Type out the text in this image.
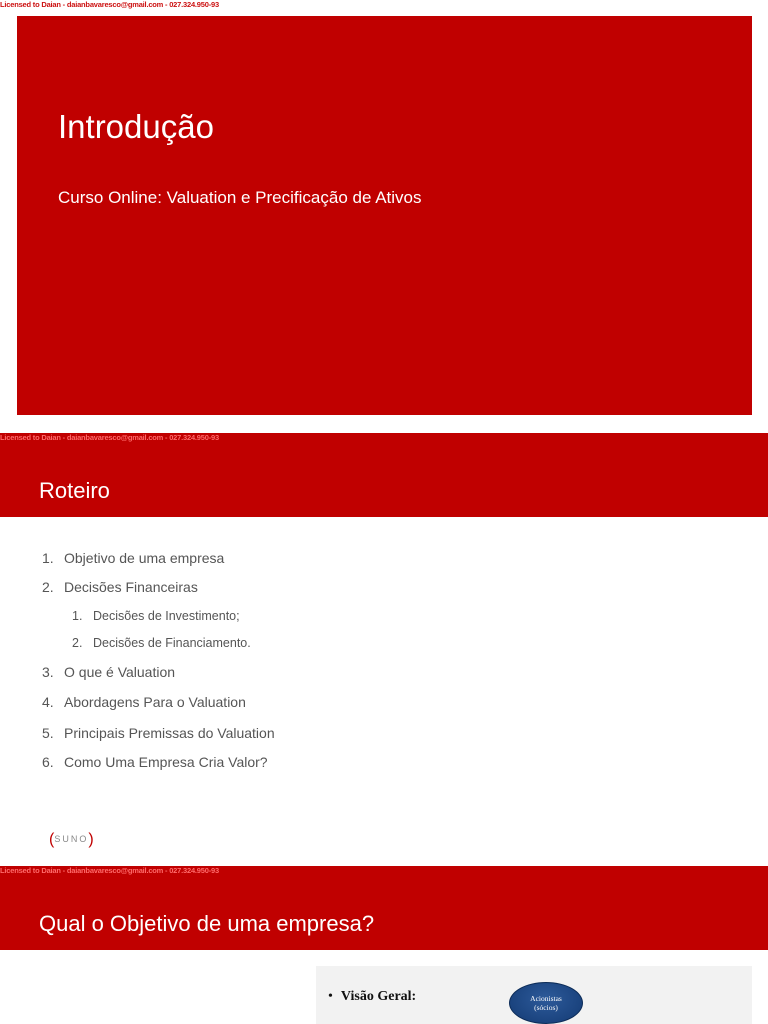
Licensed to Daian - daianbavaresco@gmail.com - 027.324.950-93
Introdução
Curso Online: Valuation e Precificação de Ativos
Roteiro
1. Objetivo de uma empresa
2. Decisões Financeiras
1. Decisões de Investimento;
2. Decisões de Financiamento.
3. O que é Valuation
4. Abordagens Para o Valuation
5. Principais Premissas do Valuation
6. Como Uma Empresa Cria Valor?
(SUNO)
Licensed to Daian - daianbavaresco@gmail.com - 027.324.950-93
Qual o Objetivo de uma empresa?
• Visão Geral:	Acionistas
(sócios)
Licensed to Daian - daianbavaresco@gmail.com - 027.324.950-93
